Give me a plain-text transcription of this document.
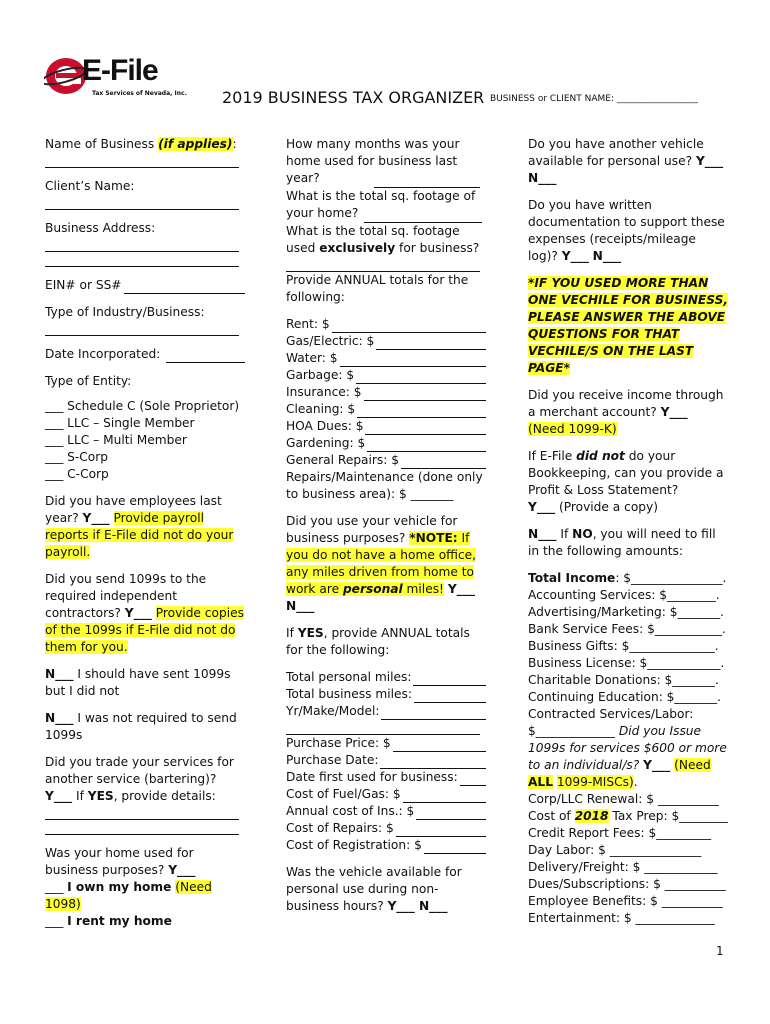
E-File
Tax Services of Nevada, Inc. 2019 BUSINESS TAX ORGANIZER BUSINESS or CLIENT NAME: __________________

Name of Business (if applies):

Client’s Name:

Business Address:

EIN# or SS#

Type of Industry/Business:

Date Incorporated:

Type of Entity:

___ Schedule C (Sole Proprietor)

___ LLC – Single Member

___ LLC – Multi Member

___ S-Corp

___ C-Corp

Did you have employees last year? Y___ Provide payroll reports if E-File did not do your payroll.

Did you send 1099s to the required independent contractors? Y___ Provide copies of the 1099s if E-File did not do them for you.

N___ I should have sent 1099s but I did not

N___ I was not required to send 1099s

Did you trade your services for another service (bartering)?
Y___ If YES, provide details:

Was your home used for business purposes? Y___

___ I own my home (Need 1098)

___ I rent my home

How many months was your home used for business last year?

What is the total sq. footage of your home?

What is the total sq. footage used exclusively for business?

Provide ANNUAL totals for the following:

Rent: $
Gas/Electric: $
Water: $
Garbage: $
Insurance: $
Cleaning: $
HOA Dues: $
Gardening: $
General Repairs: $

Repairs/Maintenance (done only to business area): $ _______

Did you use your vehicle for business purposes? *NOTE: If you do not have a home office, any miles driven from home to work are personal miles! Y___ N___

If YES, provide ANNUAL totals for the following:

Total personal miles:
Total business miles:
Yr/Make/Model:
Purchase Price: $
Purchase Date:
Date first used for business:
Cost of Fuel/Gas: $
Annual cost of Ins.: $
Cost of Repairs: $
Cost of Registration: $

Was the vehicle available for personal use during non-business hours? Y___ N___

Do you have another vehicle available for personal use? Y___ N___

Do you have written documentation to support these expenses (receipts/mileage log)? Y___ N___

*IF YOU USED MORE THAN ONE VECHILE FOR BUSINESS, PLEASE ANSWER THE ABOVE QUESTIONS FOR THAT VECHILE/S ON THE LAST PAGE*

Did you receive income through a merchant account? Y___ (Need 1099-K)

If E-File did not do your Bookkeeping, can you provide a Profit & Loss Statement?

Y___ (Provide a copy)

N___ If NO, you will need to fill in the following amounts:

Total Income: $_______________.

Accounting Services: $________.
Advertising/Marketing: $_______.
Bank Service Fees: $___________.
Business Gifts: $______________.
Business License: $____________.
Charitable Donations: $_______.
Continuing Education: $_______.

Contracted Services/Labor:

$_____________ Did you Issue 1099s for services $600 or more to an individual/s? Y___ (Need ALL 1099-MISCs).

Corp/LLC Renewal: $ __________

Cost of 2018 Tax Prep: $________

Credit Report Fees: $_________
Day Labor: $ _______________
Delivery/Freight: $ ____________
Dues/Subscriptions: $ __________
Employee Benefits: $ __________
Entertainment: $ _____________
1
